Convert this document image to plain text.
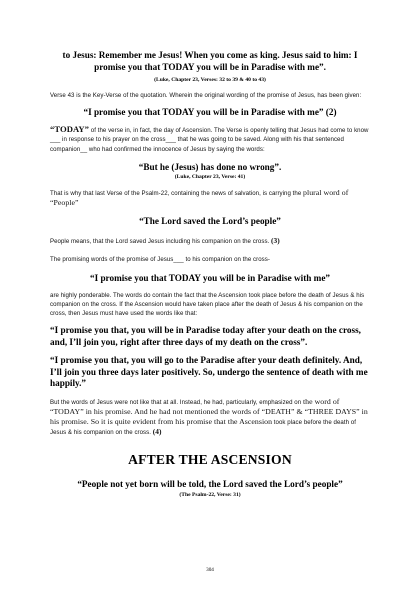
to Jesus: Remember me Jesus! When you come as king. Jesus said to him: I promise you that TODAY you will be in Paradise with me”.

(Luke, Chapter 23, Verses: 32 to 39 & 40 to 43)

Verse 43 is the Key-Verse of the quotation. Wherein the original wording of the promise of Jesus, has been given:

“I promise you that TODAY you will be in Paradise with me” (2)

“TODAY” of the verse in, in fact, the day of Ascension. The Verse is openly telling that Jesus had come to know ___ in response to his prayer on the cross___ that he was going to be saved. Along with his that sentenced companion__ who had confirmed the innocence of Jesus by saying the words:

“But he (Jesus) has done no wrong”.

(Luke, Chapter 23, Verse: 41)

That is why that last Verse of the Psalm-22, containing the news of salvation, is carrying the plural word of “People”

“The Lord saved the Lord’s people”

People means, that the Lord saved Jesus including his companion on the cross. (3)

The promising words of the promise of Jesus___ to his companion on the cross-

“I promise you that TODAY you will be in Paradise with me”

are highly ponderable. The words do contain the fact that the Ascension took place before the death of Jesus & his companion on the cross. If the Ascension would have taken place after the death of Jesus & his companion on the cross, then Jesus must have used the words like that:

“I promise you that, you will be in Paradise today after your death on the cross, and, I’ll join you, right after three days of my death on the cross”.

“I promise you that, you will go to the Paradise after your death definitely. And, I’ll join you three days later positively. So, undergo the sentence of death with me happily.”

But the words of Jesus were not like that at all. Instead, he had, particularly, emphasized on the word of “TODAY” in his promise. And he had not mentioned the words of “DEATH” & “THREE DAYS” in his promise. So it is quite evident from his promise that the Ascension took place before the death of Jesus & his companion on the cross. (4)

AFTER THE ASCENSION

“People not yet born will be told, the Lord saved the Lord’s people”

(The Psalm-22, Verse: 31)

304
